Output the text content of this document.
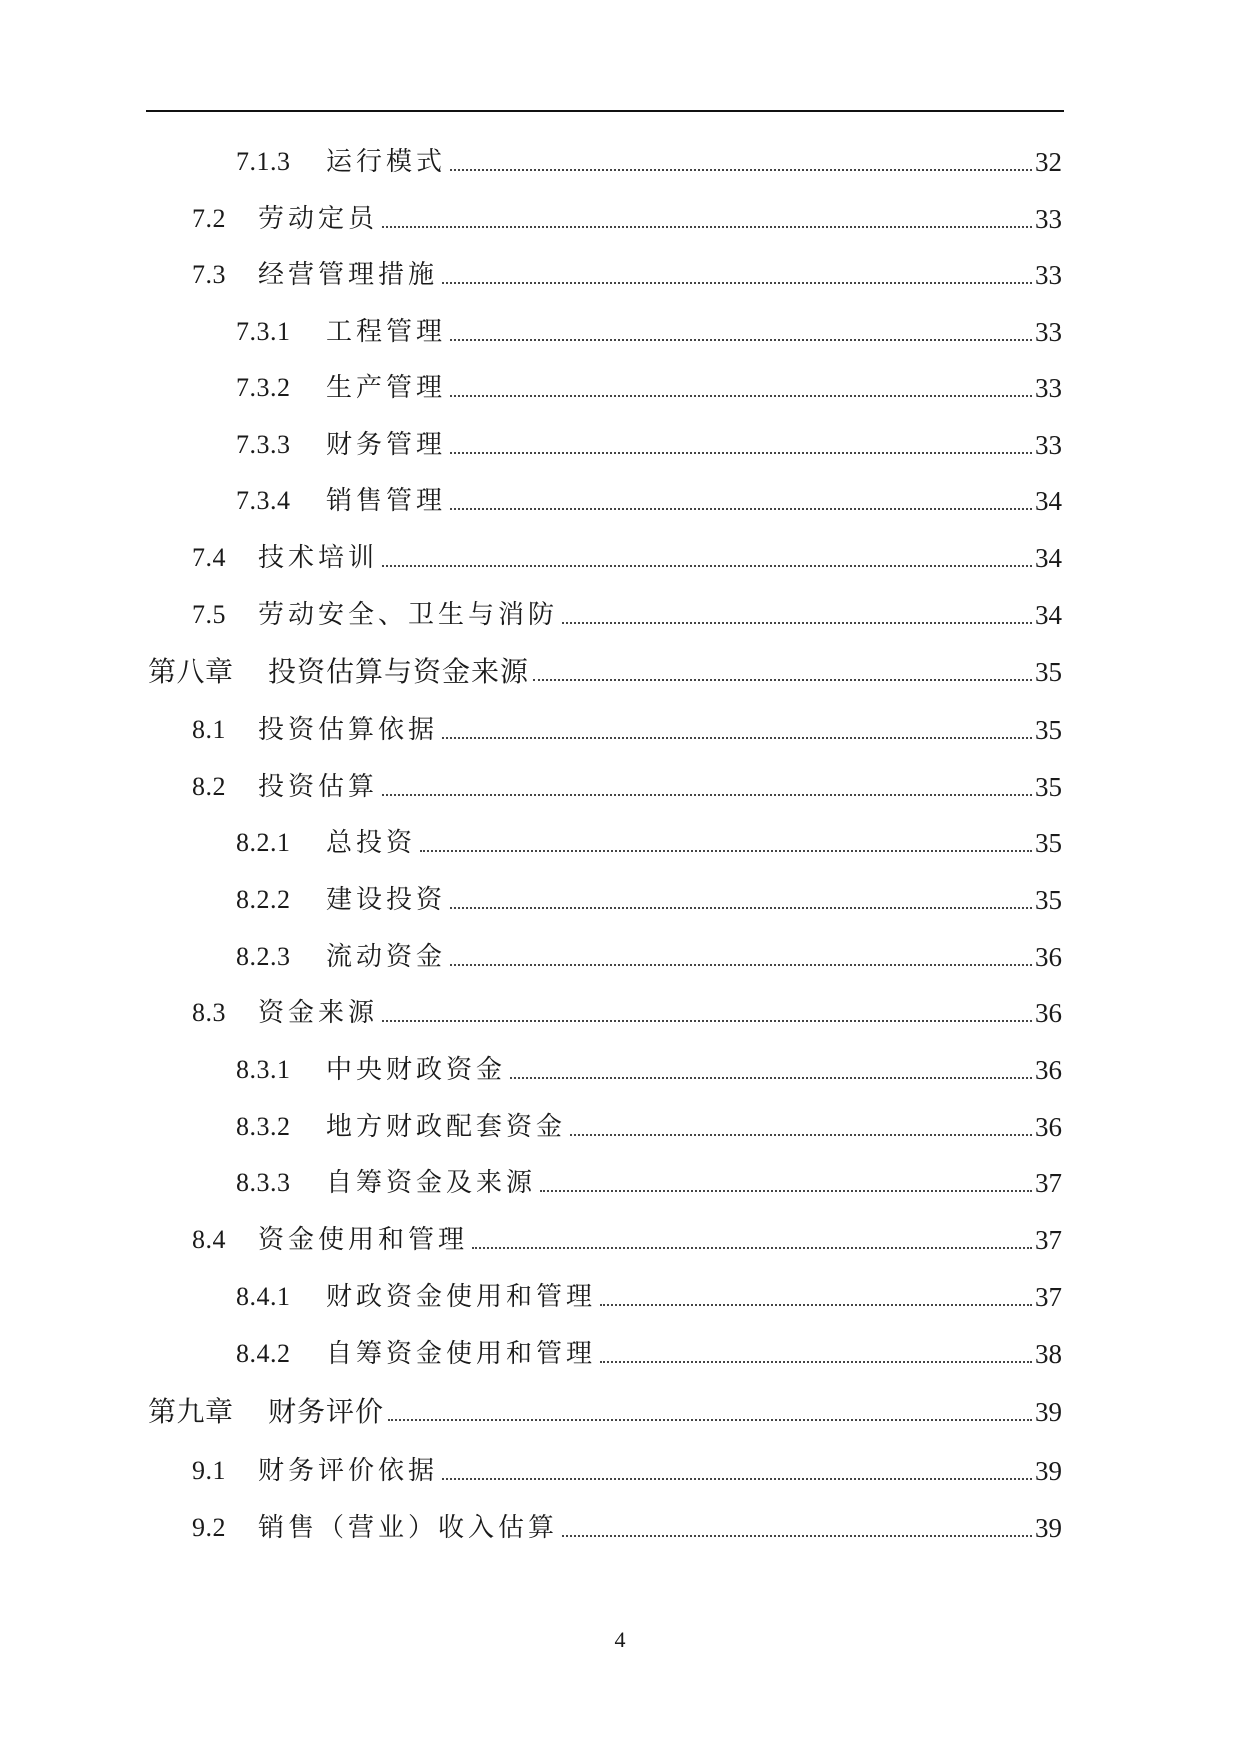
7.1.3	运行模式	32
7.2	劳动定员	33
7.3	经营管理措施	33
7.3.1	工程管理	33
7.3.2	生产管理	33
7.3.3	财务管理	33
7.3.4	销售管理	34
7.4	技术培训	34
7.5	劳动安全、卫生与消防	34
第八章	投资估算与资金来源	35
8.1	投资估算依据	35
8.2	投资估算	35
8.2.1	总投资	35
8.2.2	建设投资	35
8.2.3	流动资金	36
8.3	资金来源	36
8.3.1	中央财政资金	36
8.3.2	地方财政配套资金	36
8.3.3	自筹资金及来源	37
8.4	资金使用和管理	37
8.4.1	财政资金使用和管理	37
8.4.2	自筹资金使用和管理	38
第九章	财务评价	39
9.1	财务评价依据	39
9.2	销售（营业）收入估算	39
4
